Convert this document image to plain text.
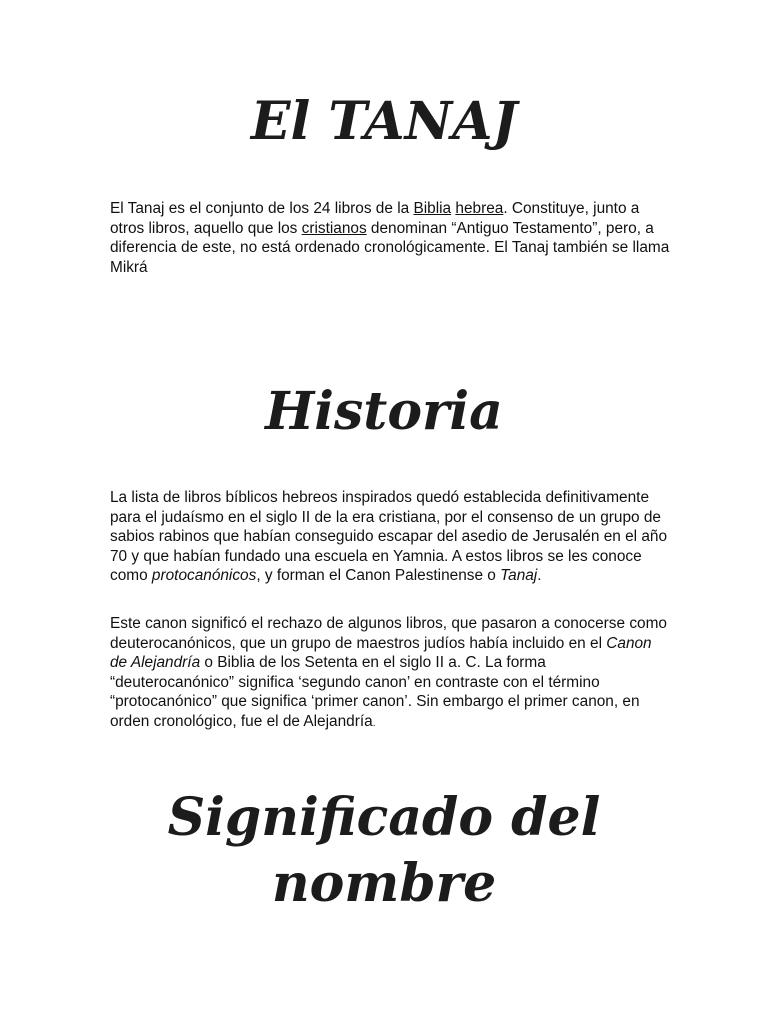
El TANAJ

El Tanaj es el conjunto de los 24 libros de la Biblia hebrea. Constituye, junto a otros libros, aquello que los cristianos denominan “Antiguo Testamento”, pero, a diferencia de este, no está ordenado cronológicamente. El Tanaj también se llama Mikrá

Historia

La lista de libros bíblicos hebreos inspirados quedó establecida definitivamente para el judaísmo en el siglo II de la era cristiana, por el consenso de un grupo de sabios rabinos que habían conseguido escapar del asedio de Jerusalén en el año 70 y que habían fundado una escuela en Yamnia. A estos libros se les conoce como protocanónicos, y forman el Canon Palestinense o Tanaj.

Este canon significó el rechazo de algunos libros, que pasaron a conocerse como deuterocanónicos, que un grupo de maestros judíos había incluido en el Canon de Alejandría o Biblia de los Setenta en el siglo II a. C. La forma “deuterocanónico” significa ‘segundo canon’ en contraste con el término “protocanónico” que significa ‘primer canon’. Sin embargo el primer canon, en orden cronológico, fue el de Alejandría.

Significado del
nombre
